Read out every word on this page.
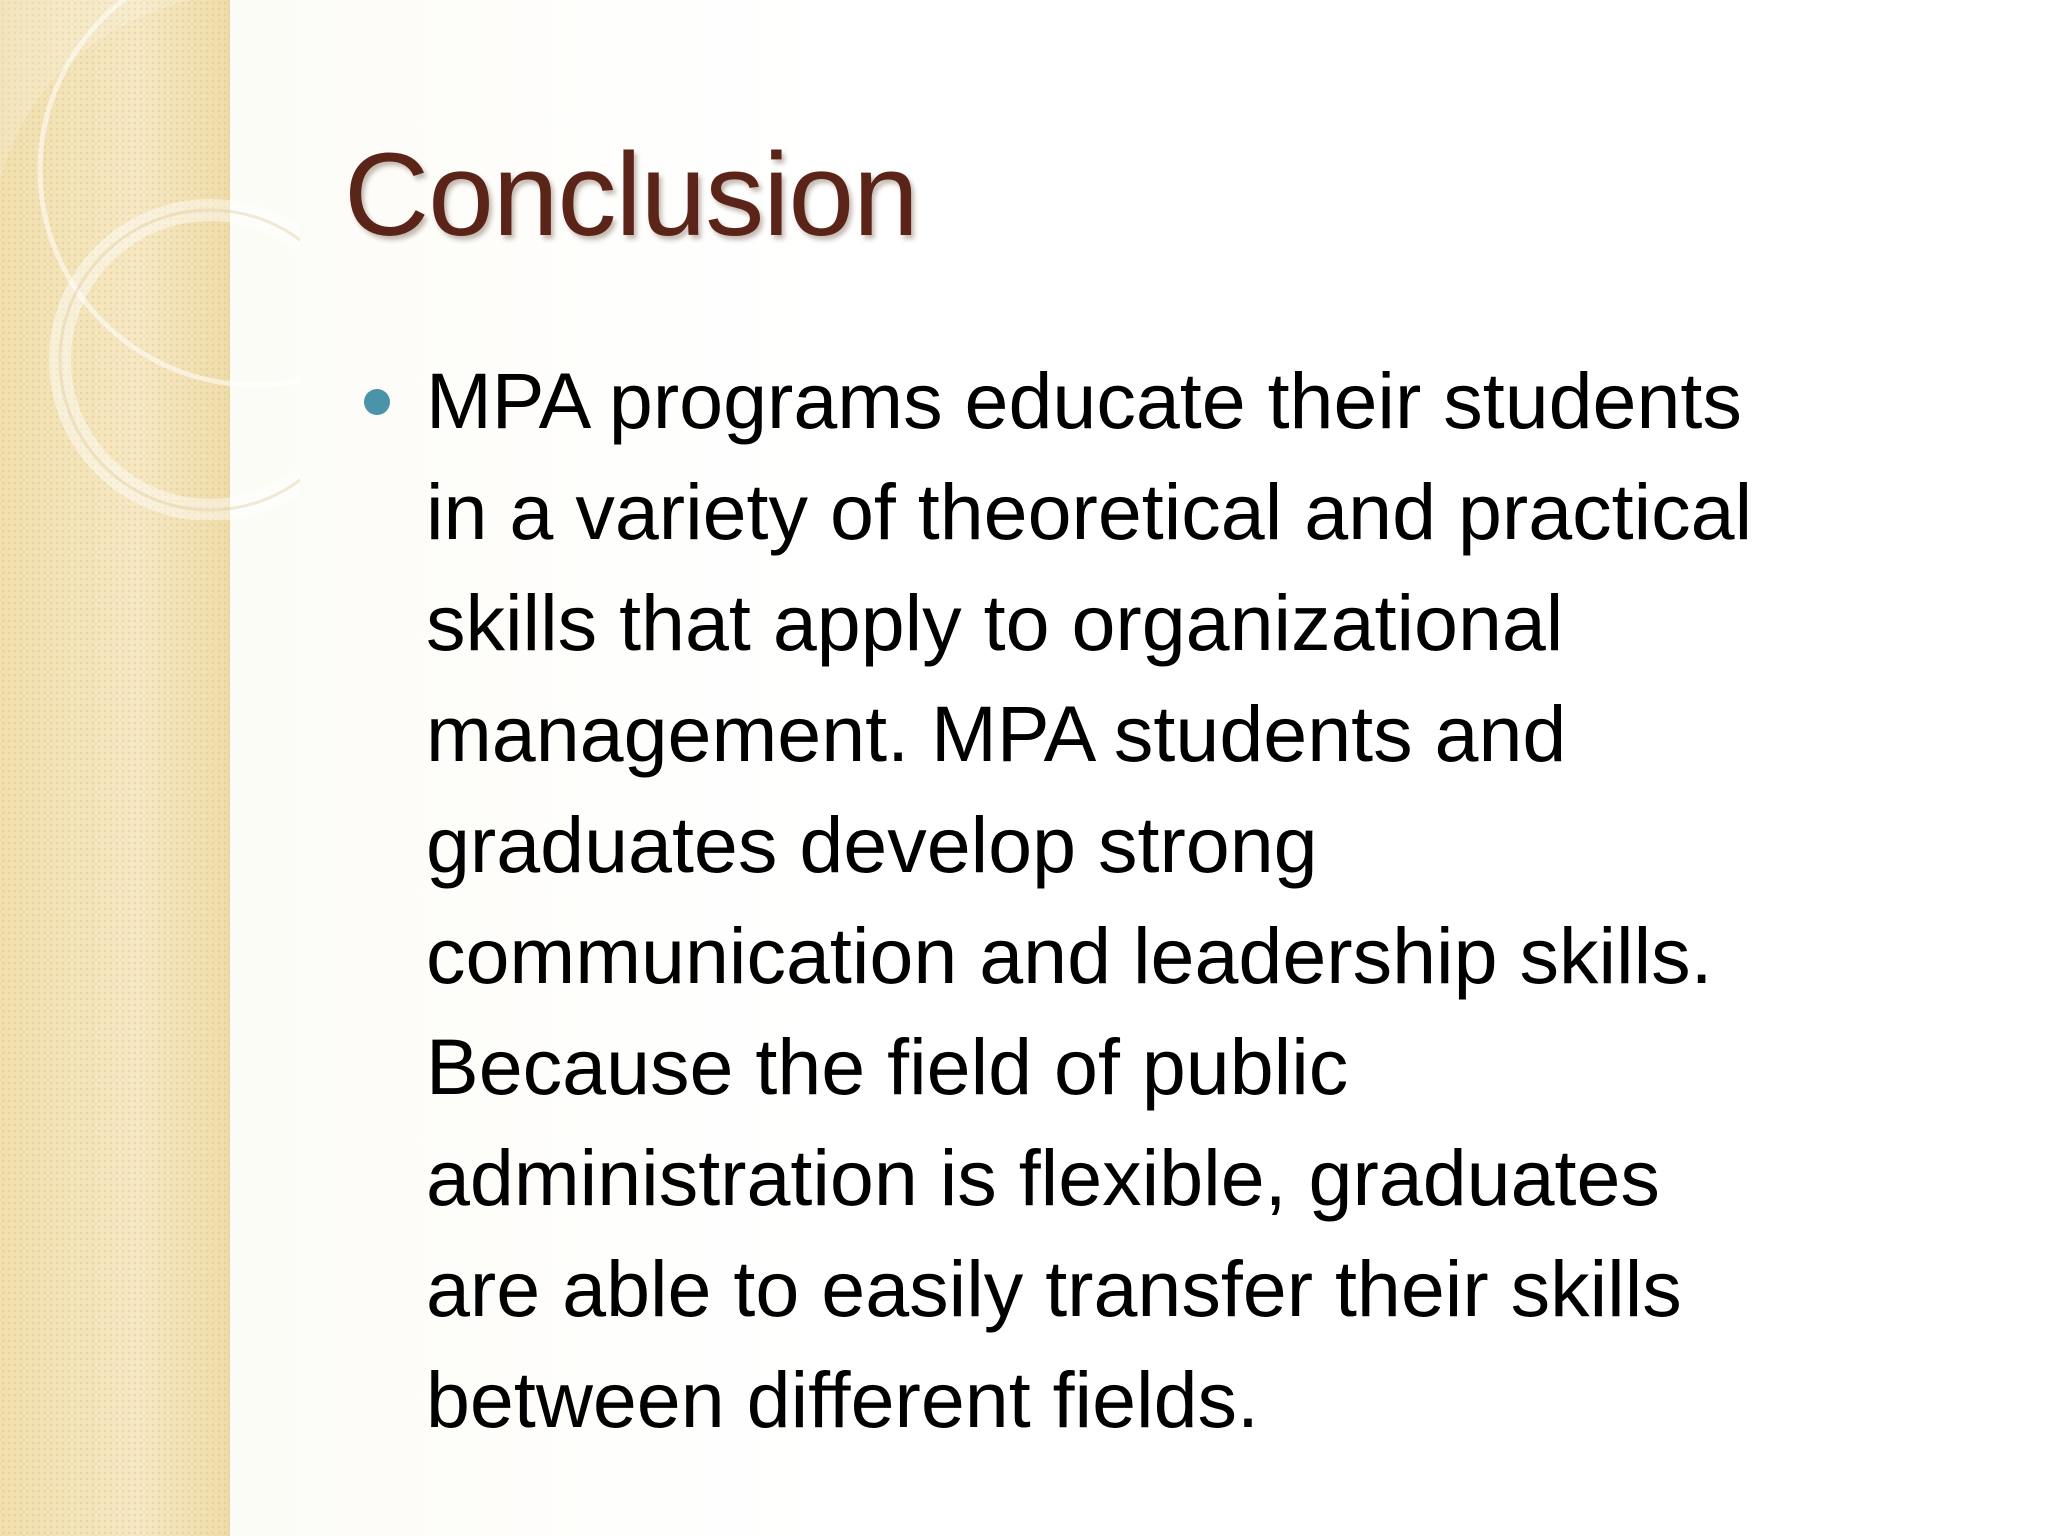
Conclusion
MPA programs educate their students
in a variety of theoretical and practical
skills that apply to organizational
management. MPA students and
graduates develop strong
communication and leadership skills.
Because the field of public
administration is flexible, graduates
are able to easily transfer their skills
between different fields.
